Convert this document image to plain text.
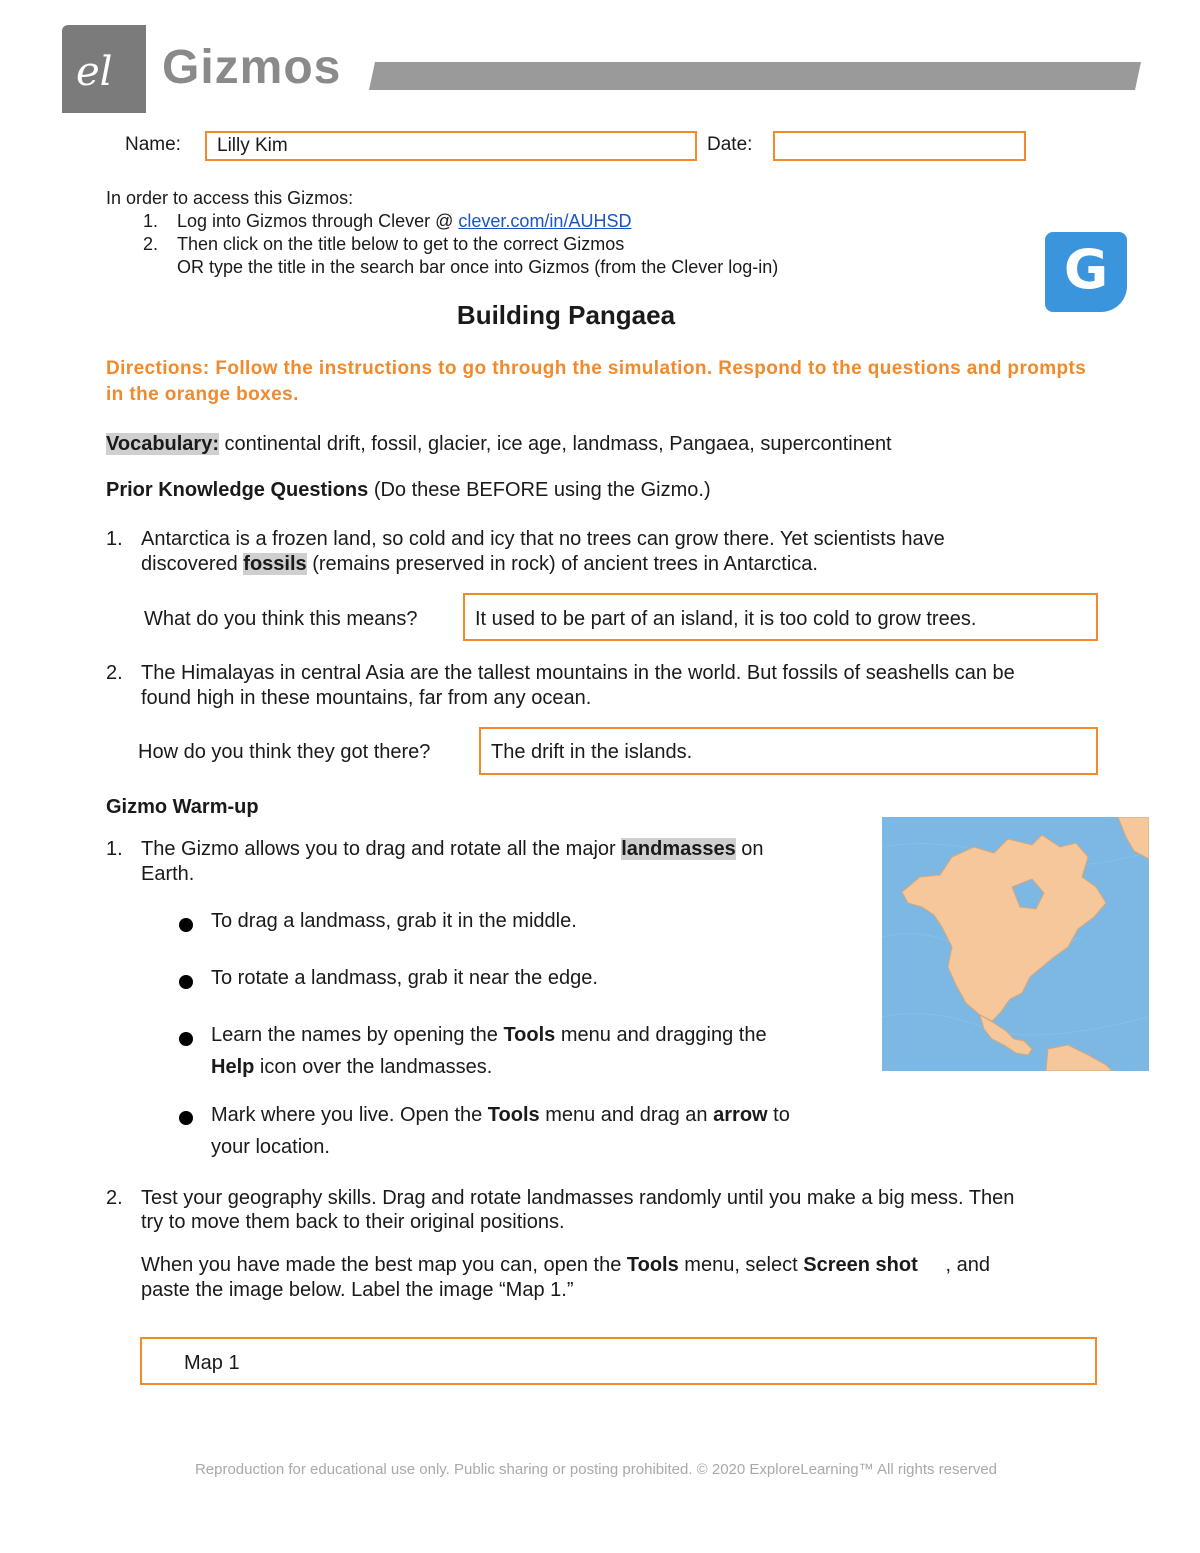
el Gizmos
Name:	Lilly Kim	Date:
In order to access this Gizmos:
1. Log into Gizmos through Clever @ clever.com/in/AUHSD
2. Then click on the title below to get to the correct Gizmos
OR type the title in the search bar once into Gizmos (from the Clever log-in)	G
Building Pangaea
Directions: Follow the instructions to go through the simulation. Respond to the questions and prompts in the orange boxes.
Vocabulary: continental drift, fossil, glacier, ice age, landmass, Pangaea, supercontinent
Prior Knowledge Questions (Do these BEFORE using the Gizmo.)
1. Antarctica is a frozen land, so cold and icy that no trees can grow there. Yet scientists have
discovered fossils (remains preserved in rock) of ancient trees in Antarctica.
What do you think this means?	It used to be part of an island, it is too cold to grow trees.
2. The Himalayas in central Asia are the tallest mountains in the world. But fossils of seashells can be
found high in these mountains, far from any ocean.
How do you think they got there?	The drift in the islands.
Gizmo Warm-up
1. The Gizmo allows you to drag and rotate all the major landmasses on
Earth.
To drag a landmass, grab it in the middle.
To rotate a landmass, grab it near the edge.
Learn the names by opening the Tools menu and dragging the
Help icon over the landmasses.
Mark where you live. Open the Tools menu and drag an arrow to
your location.
2. Test your geography skills. Drag and rotate landmasses randomly until you make a big mess. Then
try to move them back to their original positions.
When you have made the best map you can, open the Tools menu, select Screen shot     , and
paste the image below. Label the image “Map 1.”
Map 1
Reproduction for educational use only. Public sharing or posting prohibited. © 2020 ExploreLearning™ All rights reserved
